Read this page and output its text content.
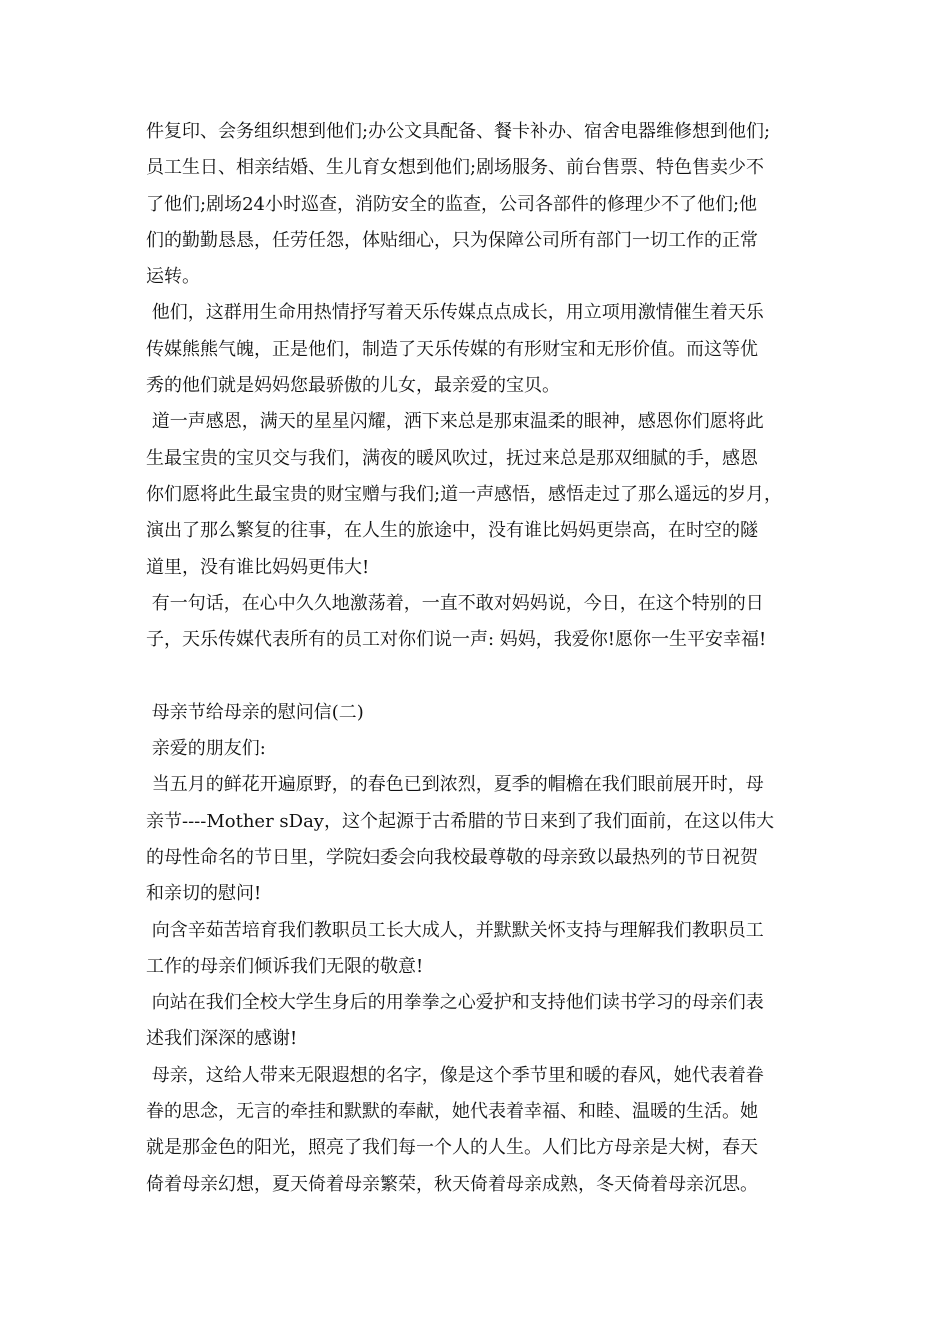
件复印、会务组织想到他们;办公文具配备、餐卡补办、宿舍电器维修想到他们;
员工生日、相亲结婚、生儿育女想到他们;剧场服务、前台售票、特色售卖少不
了他们;剧场24小时巡查，消防安全的监查，公司各部件的修理少不了他们;他
们的勤勤恳恳，任劳任怨，体贴细心，只为保障公司所有部门一切工作的正常
运转。
他们，这群用生命用热情抒写着天乐传媒点点成长，用立项用激情催生着天乐
传媒熊熊气魄，正是他们，制造了天乐传媒的有形财宝和无形价值。而这等优
秀的他们就是妈妈您最骄傲的儿女，最亲爱的宝贝。
道一声感恩，满天的星星闪耀，洒下来总是那束温柔的眼神，感恩你们愿将此
生最宝贵的宝贝交与我们，满夜的暖风吹过，抚过来总是那双细腻的手，感恩
你们愿将此生最宝贵的财宝赠与我们;道一声感悟，感悟走过了那么遥远的岁月，
演出了那么繁复的往事，在人生的旅途中，没有谁比妈妈更崇高，在时空的隧
道里，没有谁比妈妈更伟大!
有一句话，在心中久久地激荡着，一直不敢对妈妈说，今日，在这个特别的日
子，天乐传媒代表所有的员工对你们说一声: 妈妈，我爱你!愿你一生平安幸福!
母亲节给母亲的慰问信(二)
亲爱的朋友们:
当五月的鲜花开遍原野，的春色已到浓烈，夏季的帽檐在我们眼前展开时，母
亲节----Mother sDay，这个起源于古希腊的节日来到了我们面前，在这以伟大
的母性命名的节日里，学院妇委会向我校最尊敬的母亲致以最热列的节日祝贺
和亲切的慰问!
向含辛茹苦培育我们教职员工长大成人，并默默关怀支持与理解我们教职员工
工作的母亲们倾诉我们无限的敬意!
向站在我们全校大学生身后的用拳拳之心爱护和支持他们读书学习的母亲们表
述我们深深的感谢!
母亲，这给人带来无限遐想的名字，像是这个季节里和暖的春风，她代表着眷
眷的思念，无言的牵挂和默默的奉献，她代表着幸福、和睦、温暖的生活。她
就是那金色的阳光，照亮了我们每一个人的人生。人们比方母亲是大树，春天
倚着母亲幻想，夏天倚着母亲繁荣，秋天倚着母亲成熟，冬天倚着母亲沉思。
